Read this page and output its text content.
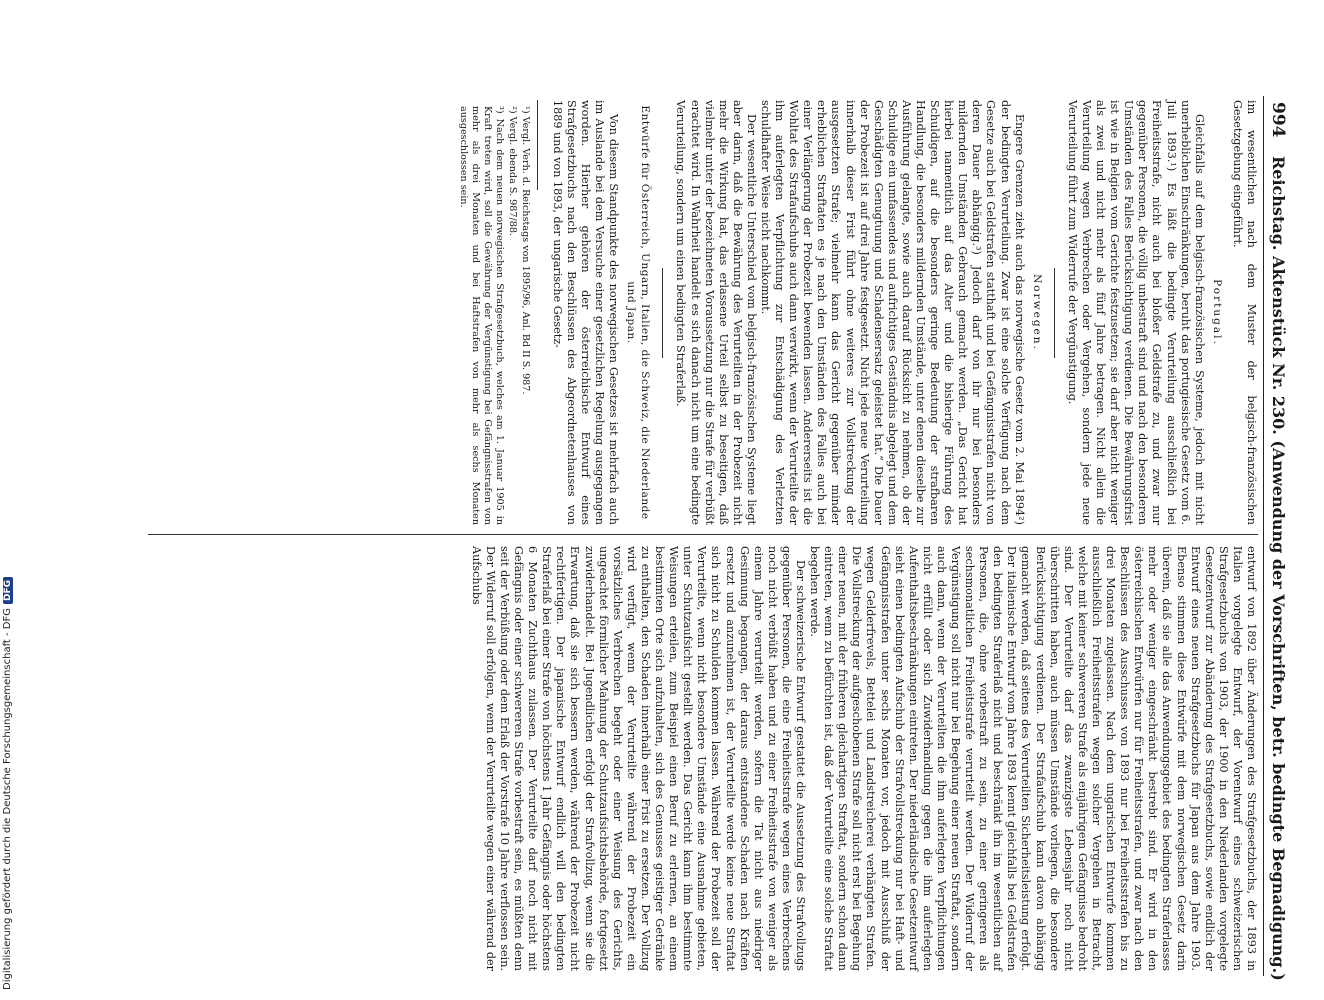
994
Reichstag. Aktenstück Nr. 230. (Anwendung der Vorschriften, betr. bedingte Begnadigung.)

im wesentlichen nach dem Muster der belgisch-französischen Gesetzgebung eingeführt.

Portugal.

Gleichfalls auf dem belgisch-französischen Systeme, jedoch mit nicht unerheblichen Einschränkungen, beruht das portugiesische Gesetz vom 6. Juli 1893.¹) Es läßt die bedingte Verurteilung ausschließlich bei Freiheitsstrafe, nicht auch bei bloßer Geldstrafe zu, und zwar nur gegenüber Personen, die völlig unbestraft sind und nach den besonderen Umständen des Falles Berücksichtigung verdienen. Die Bewährungsfrist ist wie in Belgien vom Gerichte festzusetzen; sie darf aber nicht weniger als zwei und nicht mehr als fünf Jahre betragen. Nicht allein die Verurteilung wegen Verbrechen oder Vergehen, sondern jede neue Verurteilung führt zum Widerrufe der Vergünstigung.

Norwegen.

Engere Grenzen zieht auch das norwegische Gesetz vom 2. Mai 1894²) der bedingten Verurteilung. Zwar ist eine solche Verfügung nach dem Gesetze auch bei Geldstrafen statthaft und bei Gefängnisstrafen nicht von deren Dauer abhängig.³) Jedoch darf von ihr nur bei besonders mildernden Umständen Gebrauch gemacht werden. „Das Gericht hat hierbei namentlich auf das Alter und die bisherige Führung des Schuldigen, auf die besonders geringe Bedeutung der strafbaren Handlung, die besonders mildernden Umstände, unter denen dieselbe zur Ausführung gelangte, sowie auch darauf Rücksicht zu nehmen, ob der Schuldige ein umfassendes und aufrichtiges Geständnis abgelegt und dem Geschädigten Genugtuung und Schadensersatz geleistet hat.“ Die Dauer der Probezeit ist auf drei Jahre festgesetzt. Nicht jede neue Verurteilung innerhalb dieser Frist führt ohne weiteres zur Vollstreckung der ausgesetzten Strafe; vielmehr kann das Gericht gegenüber minder erheblichen Straftaten es je nach den Umständen des Falles auch bei einer Verlängerung der Probezeit bewenden lassen. Andererseits ist die Wohltat des Strafaufschubs auch dann verwirkt, wenn der Verurteilte der ihm auferlegten Verpflichtung zur Entschädigung des Verletzten schuldhafter Weise nicht nachkommt.

Der wesentliche Unterschied vom belgisch-französischen Systeme liegt aber darin, daß die Bewährung des Verurteilten in der Probezeit nicht mehr die Wirkung hat, das erlassene Urteil selbst zu beseitigen, daß vielmehr unter der bezeichneten Voraussetzung nur die Strafe für verbüßt erachtet wird. In Wahrheit handelt es sich danach nicht um eine bedingte Verurteilung, sondern um einen bedingten Straferlaß.

Entwürfe für Österreich, Ungarn, Italien, die Schweiz, die Niederlande und Japan.

Von diesem Standpunkte des norwegischen Gesetzes ist mehrfach auch im Auslande bei dem Versuche einer gesetzlichen Regelung ausgegangen worden. Hierher gehören der österreichische Entwurf eines Strafgesetzbuchs nach den Beschlüssen des Abgeordnetenhauses von 1889 und von 1893, der ungarische Gesetz-

¹) Vergl. Verh. d. Reichstags von 1895/96, Anl. Bd II S. 987.

²) Vergl. ebenda S. 987/88.

³) Nach dem neuen norwegischen Strafgesetzbuch, welches am 1. Januar 1905 in Kraft treten wird, soll die Gewährung der Vergünstigung bei Gefängnisstrafen von mehr als drei Monaten und bei Haftstrafen von mehr als sechs Monaten ausgeschlossen sein.

entwurf von 1892 über Änderungen des Strafgesetzbuchs, der 1893 in Italien vorgelegte Entwurf, der Vorentwurf eines schweizerischen Strafgesetzbuchs von 1903, der 1900 in den Niederlanden vorgelegte Gesetzentwurf zur Abänderung des Strafgesetzbuchs, sowie endlich der Entwurf eines neuen Strafgesetzbuchs für Japan aus dem Jahre 1903. Ebenso stimmen diese Entwürfe mit dem norwegischen Gesetz darin überein, daß sie alle das Anwendungsgebiet des bedingten Straferlasses mehr oder weniger eingeschränkt bestrebt sind. Er wird in den österreichischen Entwürfen nur für Freiheitsstrafen, und zwar nach den Beschlüssen des Ausschusses von 1893 nur bei Freiheitsstrafen bis zu drei Monaten zugelassen. Nach dem ungarischen Entwurfe kommen ausschließlich Freiheitsstrafen wegen solcher Vergehen in Betracht, welche mit keiner schwereren Strafe als einjährigem Gefängnisse bedroht sind. Der Verurteilte darf das zwanzigste Lebensjahr noch nicht überschritten haben, auch müssen Umstände vorliegen, die besondere Berücksichtigung verdienen. Der Strafaufschub kann davon abhängig gemacht werden, daß seitens des Verurteilten Sicherheitsleistung erfolgt. Der italienische Entwurf vom Jahre 1893 kennt gleichfalls bei Geldstrafen den bedingten Straferlaß nicht und beschränkt ihn im wesentlichen auf Personen, die, ohne vorbestraft zu sein, zu einer geringeren als sechsmonatlichen Freiheitsstrafe verurteilt werden. Der Widerruf der Vergünstigung soll nicht nur bei Begehung einer neuen Straftat, sondern auch dann, wenn der Verurteilten die ihm auferlegten Verpflichtungen nicht erfüllt oder sich Zuwiderhandlung gegen die ihm auferlegten Aufenthaltsbeschränkungen eintreten. Der niederländische Gesetzentwurf sieht einen bedingten Aufschub der Strafvollstreckung nur bei Haft- und Gefängnisstrafen unter sechs Monaten vor, jedoch mit Ausschluß der wegen Gelderfrevels, Bettelei und Landstreicherei verhängten Strafen. Die Vollstreckung der aufgeschobenen Strafe soll nicht erst bei Begehung einer neuen, mit der früheren gleichartigen Straftat, sondern schon dann eintreten, wenn zu befürchten ist, daß der Verurteilte eine solche Straftat begehen werde.

Der schweizerische Entwurf gestattet die Aussetzung des Strafvollzugs gegenüber Personen, die eine Freiheitsstrafe wegen eines Verbrechens noch nicht verbüßt haben und zu einer Freiheitsstrafe von weniger als einem Jahre verurteilt werden, sofern die Tat nicht aus niedriger Gesinnung begangen, der daraus entstandene Schaden nach Kräften ersetzt und anzunehmen ist, der Verurteilte werde keine neue Straftat sich nicht zu Schulden kommen lassen. Während der Probezeit soll der Verurteilte, wenn nicht besondere Umstände eine Ausnahme gebieten, unter Schutzaufsicht gestellt werden. Das Gericht kann ihm bestimmte Weisungen erteilen, zum Beispiel einen Beruf zu erlernen, an einem bestimmten Orte sich aufzuhalten, sich des Genusses geistiger Getränke zu enthalten, den Schaden innerhalb einer Frist zu ersetzen. Der Vollzug wird verfügt, wenn der Verurteilte während der Probezeit ein vorsätzliches Verbrechen begeht oder einer Weisung des Gerichts, ungeachtet förmlicher Mahnung der Schutzaufsichtsbehörde, fortgesetzt zuwiderhandelt. Bei Jugendlichen erfolgt der Strafvollzug, wenn sie die Erwartung, daß sie sich bessern werden, während der Probezeit nicht rechtfertigen. Der japanische Entwurf endlich will den bedingten Straferlaß bei einer Strafe von höchstens 1 Jahr Gefängnis oder höchstens 6 Monaten Zuchthaus zulassen. Der Verurteilte darf noch nicht mit Gefängnis oder einer schwereren Strafe vorbestraft sein, es müßten denn seit der Verbüßung oder dem Erlaß der Vorstrafe 10 Jahre verflossen sein. Der Widerruf soll erfolgen, wenn der Verurteilte wegen einer während der Aufschubs

Digitalisierung gefördert durch die Deutsche Forschungsgemeinschaft - DFGDFG
